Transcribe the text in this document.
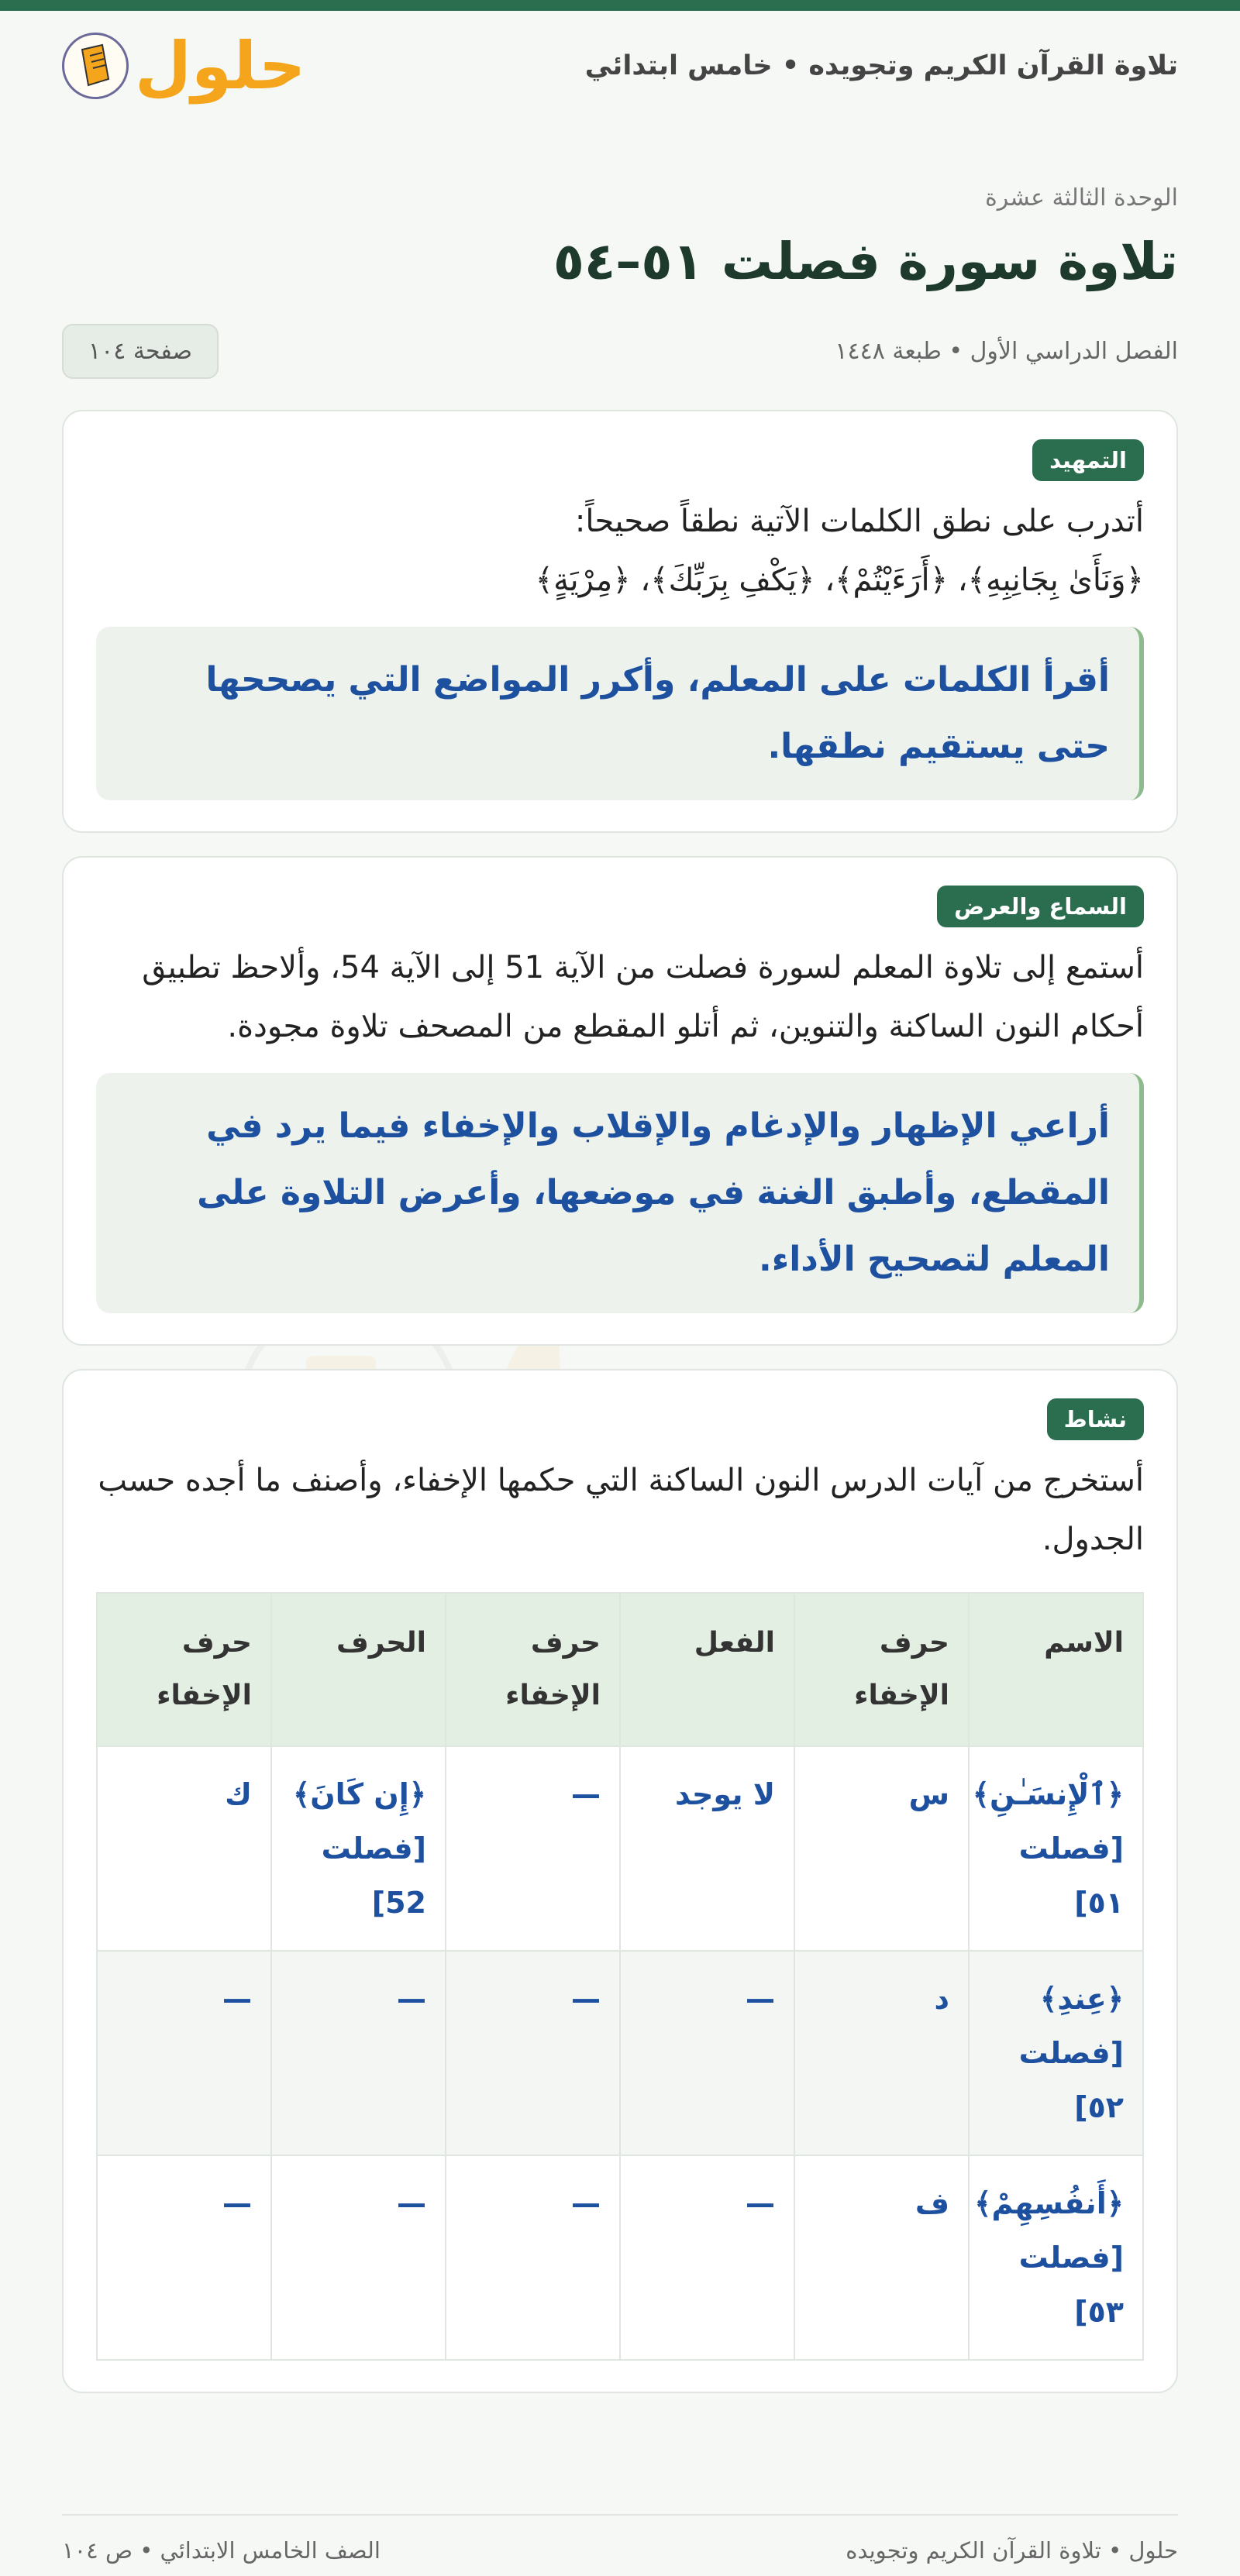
تلاوة القرآن الكريم وتجويده • خامس ابتدائي
حلول
الوحدة الثالثة عشرة
تلاوة سورة فصلت ٥١–٥٤
الفصل الدراسي الأول • طبعة ١٤٤٨
صفحة ١٠٤
التمهيد
أتدرب على نطق الكلمات الآتية نطقاً صحيحاً:
﴿وَنَأَىٰ بِجَانِبِهِ﴾، ﴿أَرَءَيْتُمْ﴾، ﴿يَكْفِ بِرَبِّكَ﴾، ﴿مِرْيَةٍ﴾
أقرأ الكلمات على المعلم، وأكرر المواضع التي يصححها حتى يستقيم نطقها.
السماع والعرض
أستمع إلى تلاوة المعلم لسورة فصلت من الآية 51 إلى الآية 54، وألاحظ تطبيق أحكام النون الساكنة والتنوين، ثم أتلو المقطع من المصحف تلاوة مجودة.
أراعي الإظهار والإدغام والإقلاب والإخفاء فيما يرد في المقطع، وأطبق الغنة في موضعها، وأعرض التلاوة على المعلم لتصحيح الأداء.
نشاط
أستخرج من آيات الدرس النون الساكنة التي حكمها الإخفاء، وأصنف ما أجده حسب الجدول.
الاسم	حرف الإخفاء	الفعل	حرف الإخفاء	الحرف	حرف الإخفاء
﴿ٱلْإِنسَـٰنِ﴾ [فصلت ٥١]	س	لا يوجد	—	﴿إِن كَانَ﴾ [فصلت 52]	ك
﴿عِندِ﴾ [فصلت ٥٢]	د	—	—	—	—
﴿أَنفُسِهِمْ﴾ [فصلت ٥٣]	ف	—	—	—	—
حلول • تلاوة القرآن الكريم وتجويده
الصف الخامس الابتدائي • ص ١٠٤
